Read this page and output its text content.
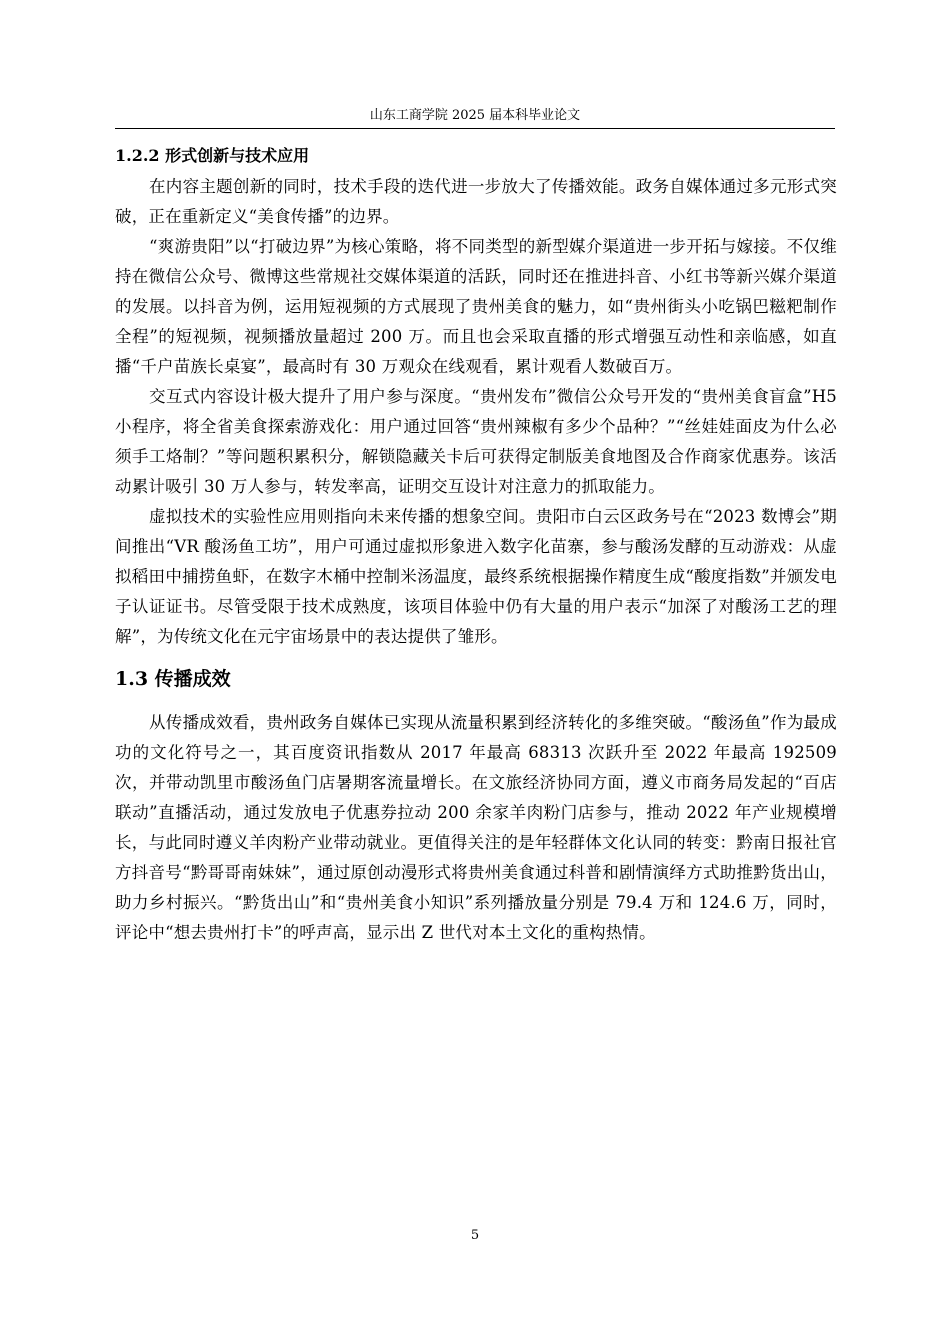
山东工商学院 2025 届本科毕业论文
1.2.2 形式创新与技术应用

在内容主题创新的同时，技术手段的迭代进一步放大了传播效能。政务自媒体通过多元形式突破，正在重新定义“美食传播”的边界。

“爽游贵阳”以“打破边界”为核心策略，将不同类型的新型媒介渠道进一步开拓与嫁接。不仅维持在微信公众号、微博这些常规社交媒体渠道的活跃，同时还在推进抖音、小红书等新兴媒介渠道的发展。以抖音为例，运用短视频的方式展现了贵州美食的魅力，如“贵州街头小吃锅巴糍粑制作全程”的短视频，视频播放量超过 200 万。而且也会采取直播的形式增强互动性和亲临感，如直播“千户苗族长桌宴”，最高时有 30 万观众在线观看，累计观看人数破百万。

交互式内容设计极大提升了用户参与深度。“贵州发布”微信公众号开发的“贵州美食盲盒”H5 小程序，将全省美食探索游戏化：用户通过回答“贵州辣椒有多少个品种？”“丝娃娃面皮为什么必须手工烙制？”等问题积累积分，解锁隐藏关卡后可获得定制版美食地图及合作商家优惠券。该活动累计吸引 30 万人参与，转发率高，证明交互设计对注意力的抓取能力。

虚拟技术的实验性应用则指向未来传播的想象空间。贵阳市白云区政务号在“2023 数博会”期间推出“VR 酸汤鱼工坊”，用户可通过虚拟形象进入数字化苗寨，参与酸汤发酵的互动游戏：从虚拟稻田中捕捞鱼虾，在数字木桶中控制米汤温度，最终系统根据操作精度生成“酸度指数”并颁发电子认证证书。尽管受限于技术成熟度，该项目体验中仍有大量的用户表示“加深了对酸汤工艺的理解”，为传统文化在元宇宙场景中的表达提供了雏形。

1.3 传播成效

从传播成效看，贵州政务自媒体已实现从流量积累到经济转化的多维突破。“酸汤鱼”作为最成功的文化符号之一，其百度资讯指数从 2017 年最高 68313 次跃升至 2022 年最高 192509 次，并带动凯里市酸汤鱼门店暑期客流量增长。在文旅经济协同方面，遵义市商务局发起的“百店联动”直播活动，通过发放电子优惠券拉动 200 余家羊肉粉门店参与，推动 2022 年产业规模增长，与此同时遵义羊肉粉产业带动就业。更值得关注的是年轻群体文化认同的转变：黔南日报社官方抖音号“黔哥哥南妹妹”，通过原创动漫形式将贵州美食通过科普和剧情演绎方式助推黔货出山，助力乡村振兴。“黔货出山”和“贵州美食小知识”系列播放量分别是 79.4 万和 124.6 万，同时，评论中“想去贵州打卡”的呼声高，显示出 Z 世代对本土文化的重构热情。

5
